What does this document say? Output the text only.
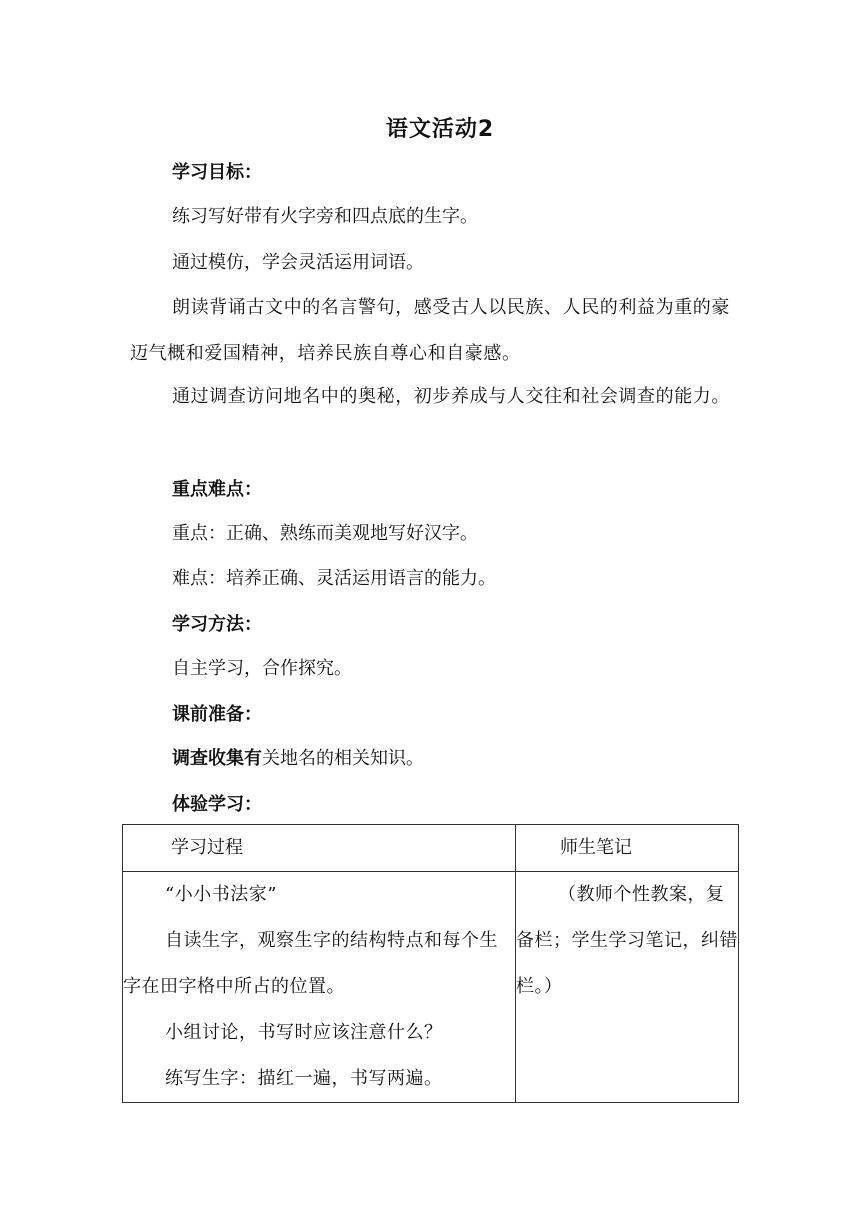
语文活动2
学习目标：
练习写好带有火字旁和四点底的生字。
通过模仿，学会灵活运用词语。
朗读背诵古文中的名言警句，感受古人以民族、人民的利益为重的豪迈气概和爱国精神，培养民族自尊心和自豪感。
通过调查访问地名中的奥秘，初步养成与人交往和社会调查的能力。
重点难点：
重点：正确、熟练而美观地写好汉字。
难点：培养正确、灵活运用语言的能力。
学习方法：
自主学习，合作探究。
课前准备：
调查收集有关地名的相关知识。
体验学习：
学习过程	师生笔记

“小小书法家”

自读生字，观察生字的结构特点和每个生字在田字格中所占的位置。

小组讨论，书写时应该注意什么？

练写生字：描红一遍，书写两遍。	（教师个性教案，复备栏；学生学习笔记，纠错栏。）
